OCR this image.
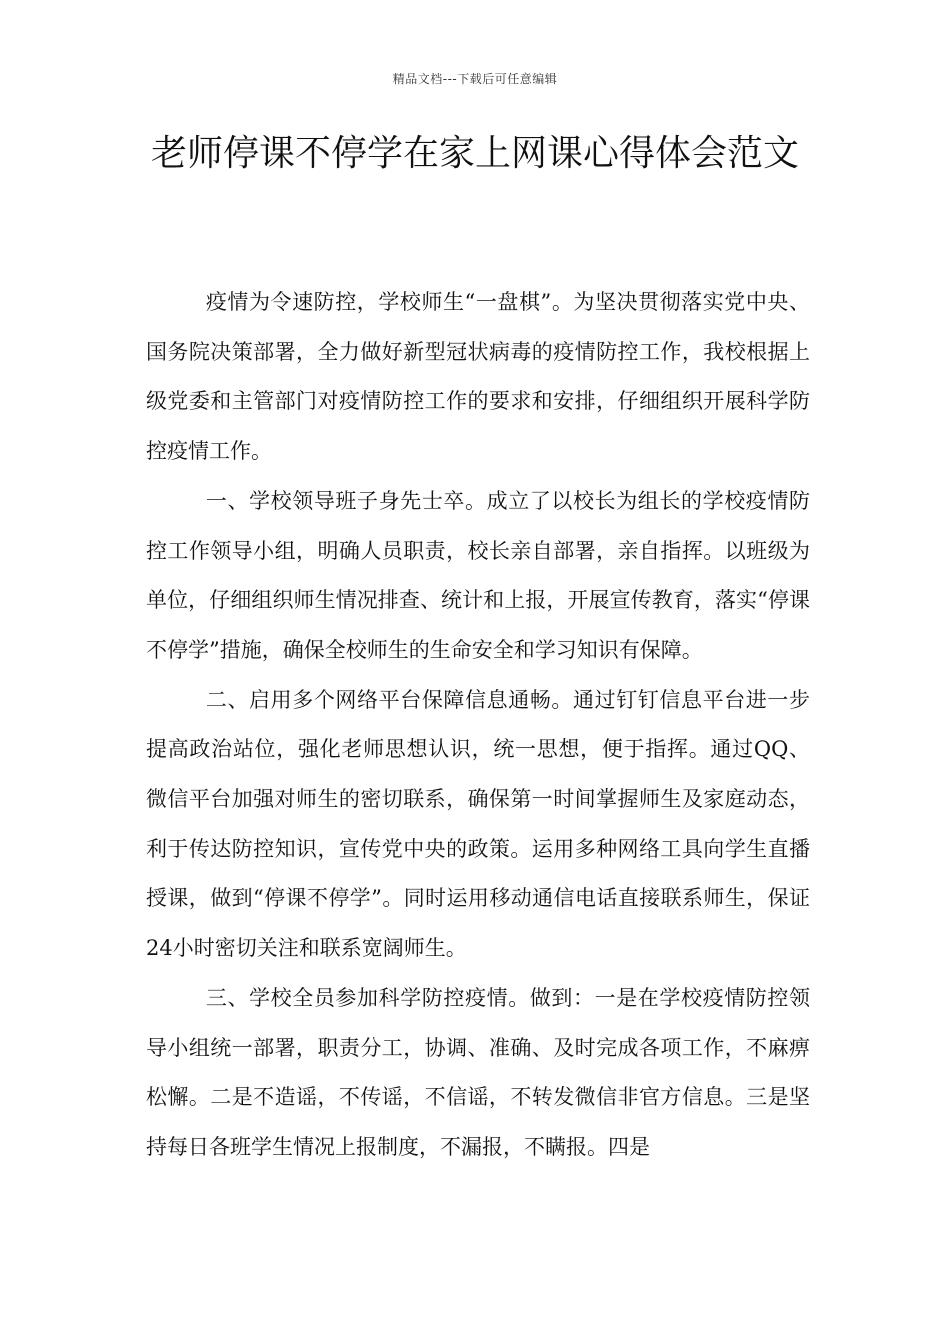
精品文档---下载后可任意编辑
老师停课不停学在家上网课心得体会范文

疫情为令速防控，学校师生“一盘棋”。为坚决贯彻落实党中央、国务院决策部署，全力做好新型冠状病毒的疫情防控工作，我校根据上级党委和主管部门对疫情防控工作的要求和安排，仔细组织开展科学防控疫情工作。

一、学校领导班子身先士卒。成立了以校长为组长的学校疫情防控工作领导小组，明确人员职责，校长亲自部署，亲自指挥。以班级为单位，仔细组织师生情况排查、统计和上报，开展宣传教育，落实“停课不停学”措施，确保全校师生的生命安全和学习知识有保障。

二、启用多个网络平台保障信息通畅。通过钉钉信息平台进一步提高政治站位，强化老师思想认识，统一思想，便于指挥。通过QQ、微信平台加强对师生的密切联系，确保第一时间掌握师生及家庭动态，利于传达防控知识，宣传党中央的政策。运用多种网络工具向学生直播授课，做到“停课不停学”。同时运用移动通信电话直接联系师生，保证24小时密切关注和联系宽阔师生。

三、学校全员参加科学防控疫情。做到：一是在学校疫情防控领导小组统一部署，职责分工，协调、准确、及时完成各项工作，不麻痹松懈。二是不造谣，不传谣，不信谣，不转发微信非官方信息。三是坚持每日各班学生情况上报制度，不漏报，不瞒报。四是
